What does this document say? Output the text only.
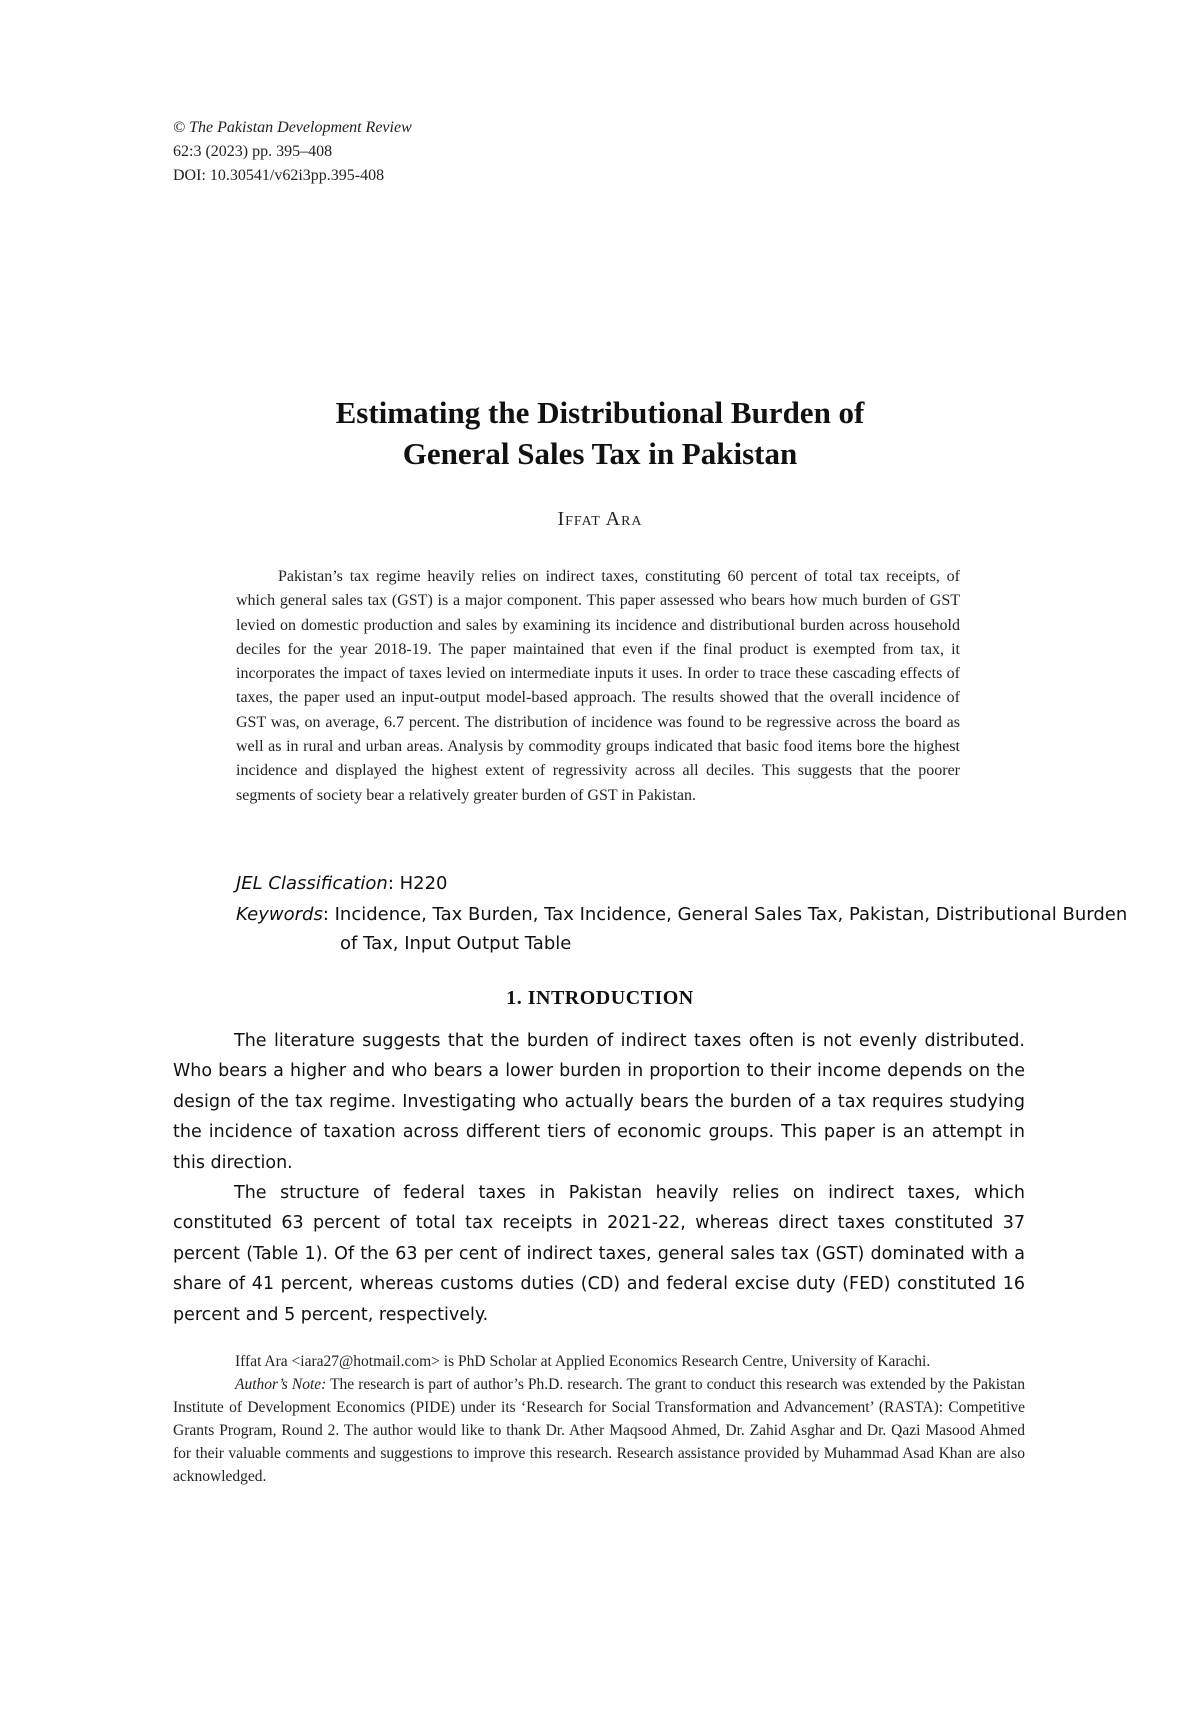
© The Pakistan Development Review
62:3 (2023) pp. 395–408
DOI: 10.30541/v62i3pp.395-408
Estimating the Distributional Burden of
General Sales Tax in Pakistan
Iffat Ara
Pakistan’s tax regime heavily relies on indirect taxes, constituting 60 percent of total tax receipts, of which general sales tax (GST) is a major component. This paper assessed who bears how much burden of GST levied on domestic production and sales by examining its incidence and distributional burden across household deciles for the year 2018-19. The paper maintained that even if the final product is exempted from tax, it incorporates the impact of taxes levied on intermediate inputs it uses. In order to trace these cascading effects of taxes, the paper used an input-output model-based approach. The results showed that the overall incidence of GST was, on average, 6.7 percent. The distribution of incidence was found to be regressive across the board as well as in rural and urban areas. Analysis by commodity groups indicated that basic food items bore the highest incidence and displayed the highest extent of regressivity across all deciles. This suggests that the poorer segments of society bear a relatively greater burden of GST in Pakistan.
JEL Classification: H220
Keywords: Incidence, Tax Burden, Tax Incidence, General Sales Tax, Pakistan, Distributional Burden of Tax, Input Output Table
1. INTRODUCTION

The literature suggests that the burden of indirect taxes often is not evenly distributed. Who bears a higher and who bears a lower burden in proportion to their income depends on the design of the tax regime. Investigating who actually bears the burden of a tax requires studying the incidence of taxation across different tiers of economic groups. This paper is an attempt in this direction.

The structure of federal taxes in Pakistan heavily relies on indirect taxes, which constituted 63 percent of total tax receipts in 2021-22, whereas direct taxes constituted 37 percent (Table 1). Of the 63 per cent of indirect taxes, general sales tax (GST) dominated with a share of 41 percent, whereas customs duties (CD) and federal excise duty (FED) constituted 16 percent and 5 percent, respectively.

Iffat Ara <iara27@hotmail.com> is PhD Scholar at Applied Economics Research Centre, University of Karachi.

Author’s Note: The research is part of author’s Ph.D. research. The grant to conduct this research was extended by the Pakistan Institute of Development Economics (PIDE) under its ‘Research for Social Transformation and Advancement’ (RASTA): Competitive Grants Program, Round 2. The author would like to thank Dr. Ather Maqsood Ahmed, Dr. Zahid Asghar and Dr. Qazi Masood Ahmed for their valuable comments and suggestions to improve this research. Research assistance provided by Muhammad Asad Khan are also acknowledged.
